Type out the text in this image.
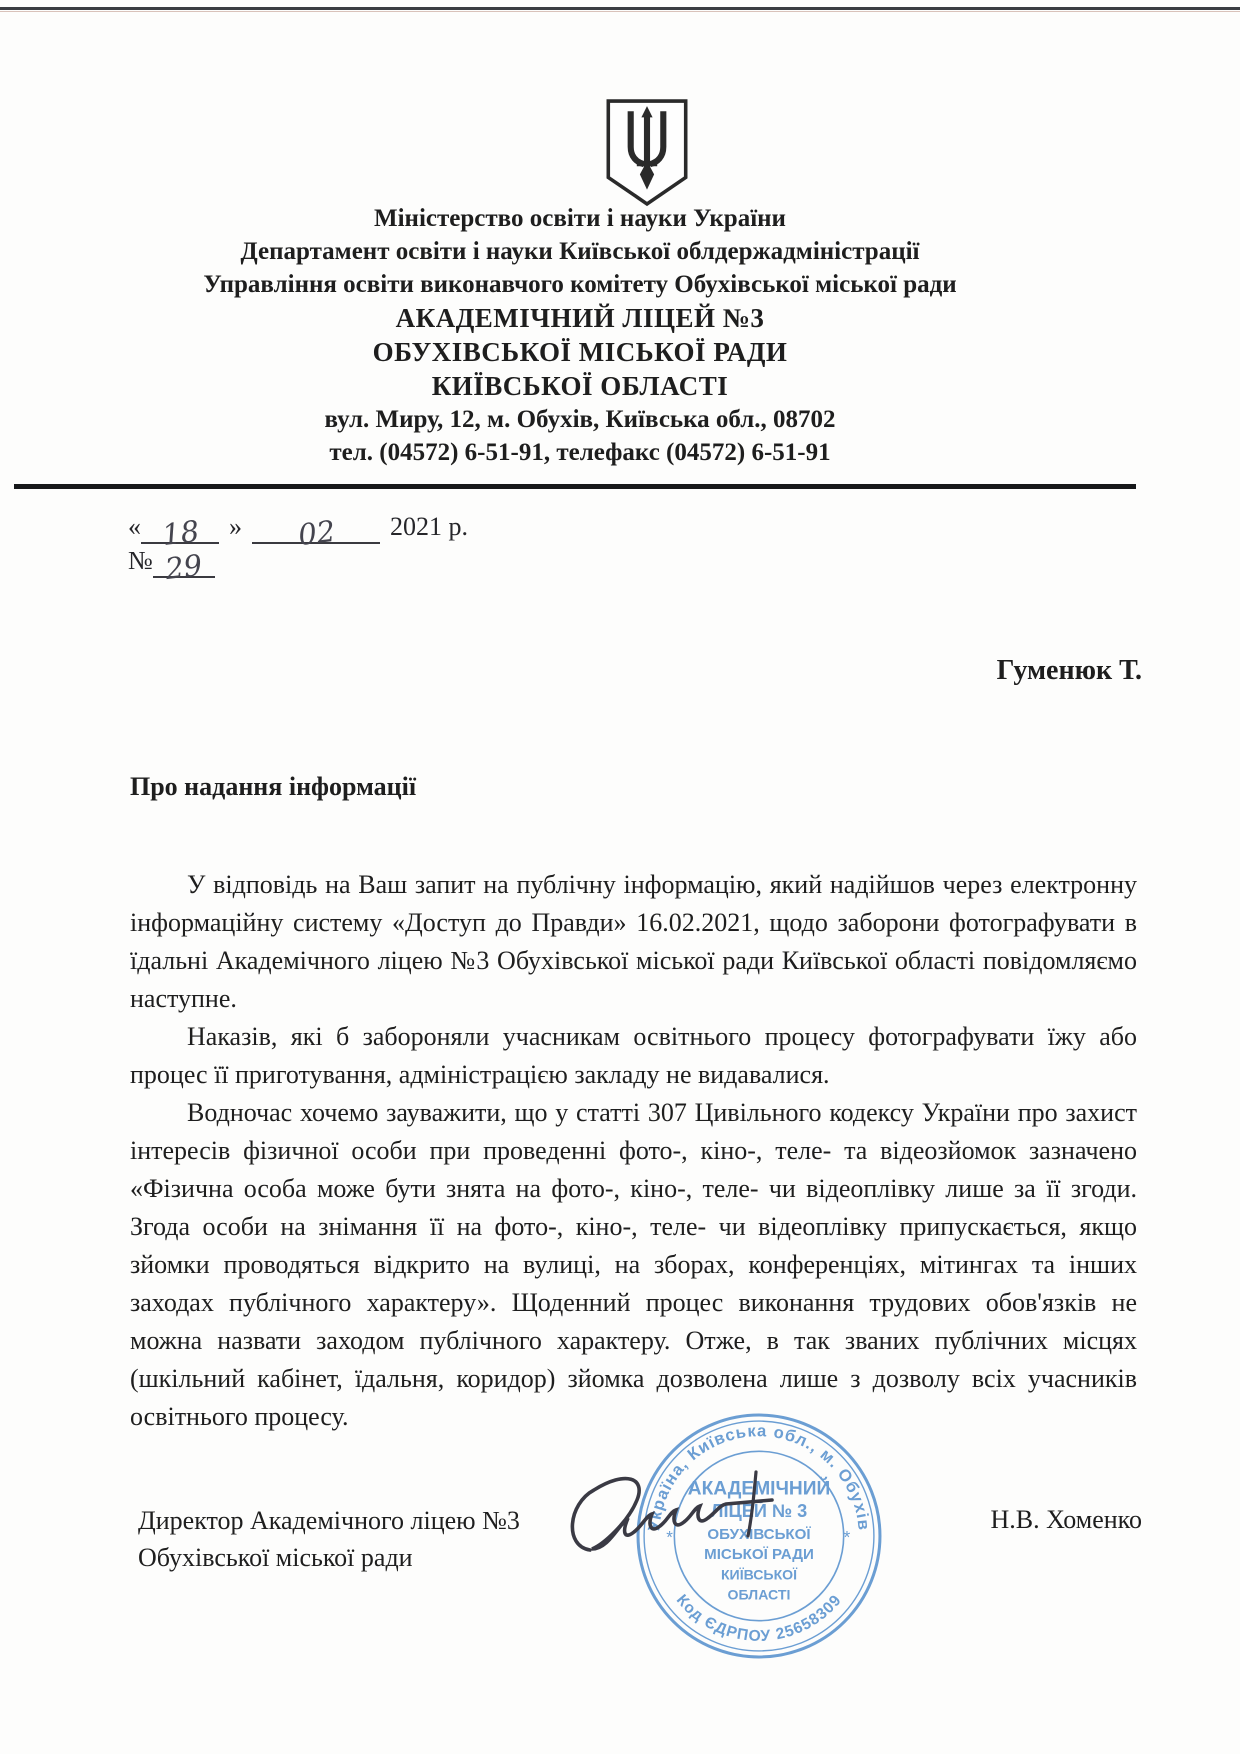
Міністерство освіти і науки України
Департамент освіти і науки Київської облдержадміністрації
Управління освіти виконавчого комітету Обухівської міської ради
АКАДЕМІЧНИЙ ЛІЦЕЙ №3
ОБУХІВСЬКОЇ МІСЬКОЇ РАДИ
КИЇВСЬКОЇ ОБЛАСТІ
вул. Миру, 12, м. Обухів, Київська обл., 08702
тел. (04572) 6-51-91, телефакс (04572) 6-51-91
« 18 » 02 2021 р.
№ 29
Гуменюк Т.
Про надання інформації

У відповідь на Ваш запит на публічну інформацію, який надійшов через електронну інформаційну систему «Доступ до Правди» 16.02.2021, щодо заборони фотографувати в їдальні Академічного ліцею №3 Обухівської міської ради Київської області повідомляємо наступне.

Наказів, які б забороняли учасникам освітнього процесу фотографувати їжу або процес її приготування, адміністрацією закладу не видавалися.

Водночас хочемо зауважити, що у статті 307 Цивільного кодексу України про захист інтересів фізичної особи при проведенні фото-, кіно-, теле- та відеозйомок зазначено «Фізична особа може бути знята на фото-, кіно-, теле- чи відеоплівку лише за її згоди. Згода особи на знімання її на фото-, кіно-, теле- чи відеоплівку припускається, якщо зйомки проводяться відкрито на вулиці, на зборах, конференціях, мітингах та інших заходах публічного характеру». Щоденний процес виконання трудових обов'язків не можна назвати заходом публічного характеру. Отже, в так званих публічних місцях (шкільний кабінет, їдальня, коридор) зйомка дозволена лише з дозволу всіх учасників освітнього процесу.

Директор Академічного ліцею №3
Обухівської міської ради
Н.В. Хоменко
Україна, Київська обл., м. Обухів
Код ЄДРПОУ 25658309
*	*
АКАДЕМІЧНИЙ
ЛІЦЕЙ № 3
ОБУХІВСЬКОЇ
МІСЬКОЇ РАДИ
КИЇВСЬКОЇ
ОБЛАСТІ
